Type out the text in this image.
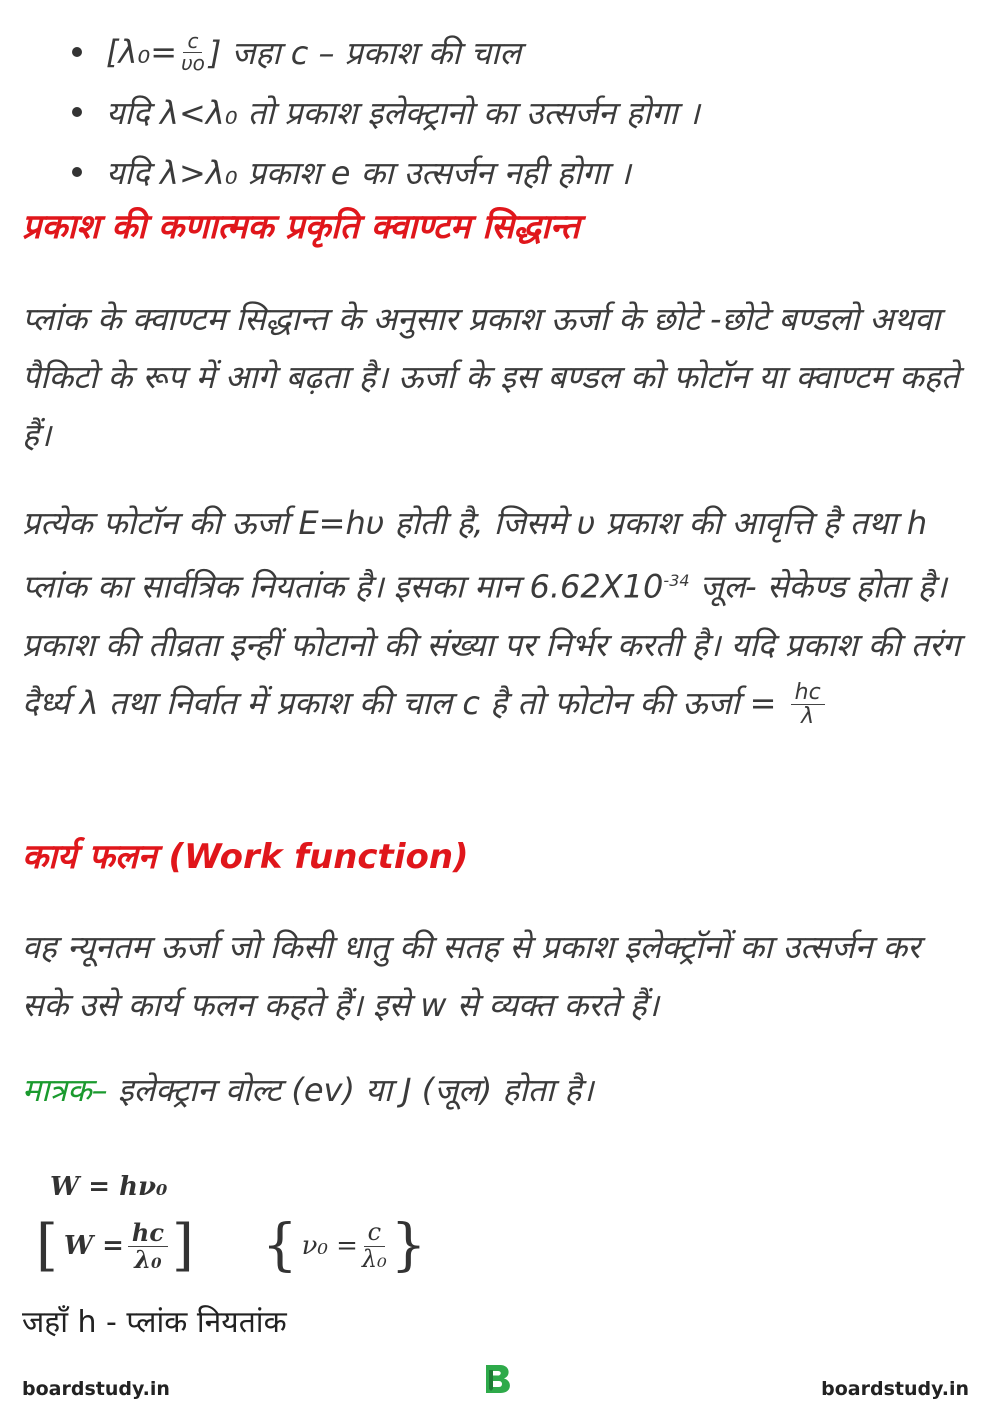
[$\lambda_0= \frac{c}{\upsilon o}$ ] जहा c – प्रकाश की चाल
यदि λ<λ₀ तो प्रकाश इलेक्ट्रानो का उत्सर्जन होगा ।
यदि λ>λ₀ प्रकाश e का उत्सर्जन नही होगा ।
प्रकाश की कणात्मक प्रकृति क्वाण्टम सिद्धान्त
प्लांक के क्वाण्टम सिद्धान्त के अनुसार प्रकाश ऊर्जा के छोटे -छोटे बण्डलो अथवा पैकिटो के रूप में आगे बढ़ता है। ऊर्जा के इस बण्डल को फोटॉन या क्वाण्टम कहते हैं।
प्रत्येक फोटॉन की ऊर्जा E=hυ होती है, जिसमे υ प्रकाश की आवृत्ति है तथा h प्लांक का सार्वत्रिक नियतांक है। इसका मान $6.62X10^{-34}$ जूल- सेकेण्ड होता है। प्रकाश की तीव्रता इन्हीं फोटानो की संख्या पर निर्भर करती है। यदि प्रकाश की तरंग दैर्ध्य λ तथा निर्वात में प्रकाश की चाल c है तो फोटोन की ऊर्जा = $\frac{hc}{\lambda}$
कार्य फलन (Work function)
वह न्यूनतम ऊर्जा जो किसी धातु की सतह से प्रकाश इलेक्ट्रॉनों का उत्सर्जन कर सके उसे कार्य फलन कहते हैं। इसे w से व्यक्त करते हैं।
मात्रक– इलेक्ट्रान वोल्ट (ev) या J (जूल) होता है।
W = hν₀
[ $W = \frac{hc}{\text{λ₀}}$ ] { $\nu_0 = \frac{c}{\text{λ₀}}$ }
जहाँ h - प्लांक नियतांक
boardstudy.in	boardstudy.in
